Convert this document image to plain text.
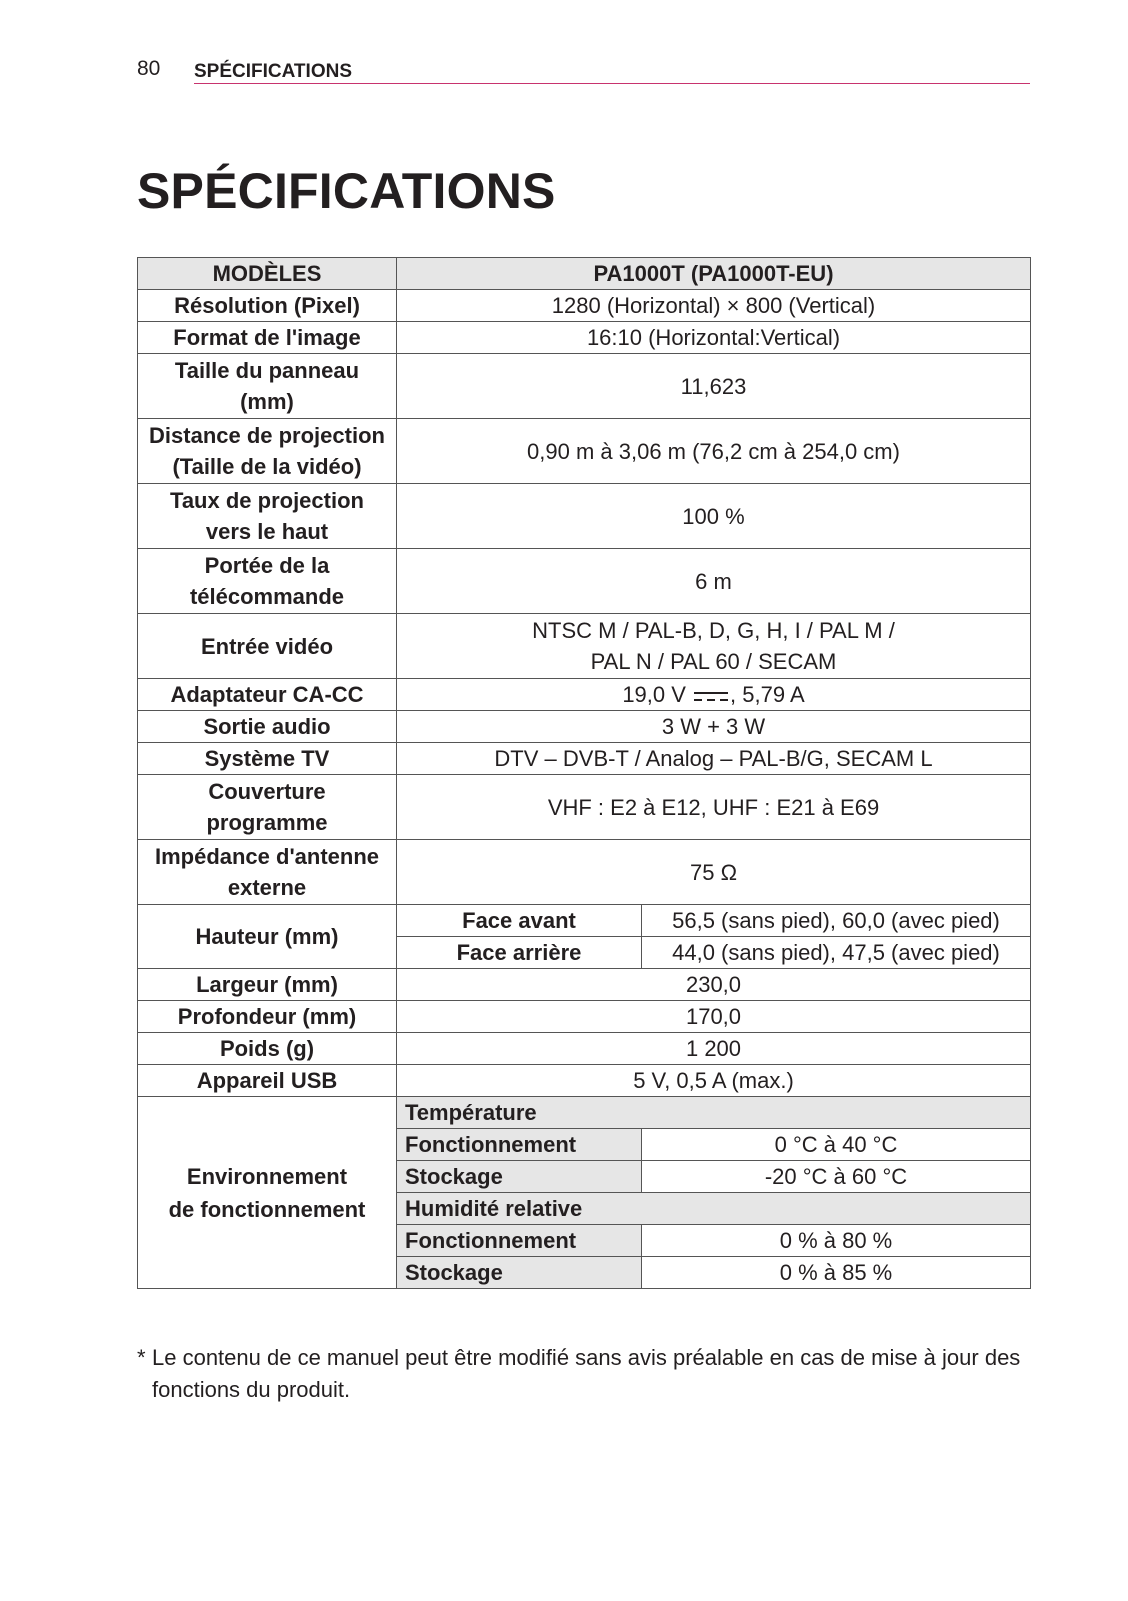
80 SPÉCIFICATIONS
SPÉCIFICATIONS
MODÈLES	PA1000T (PA1000T-EU)	
Résolution (Pixel)	1280 (Horizontal) × 800 (Vertical)	
Format de l'image	16:10 (Horizontal:Vertical)	
Taille du panneau
(mm)	11,623	
Distance de projection
(Taille de la vidéo)	0,90 m à 3,06 m (76,2 cm à 254,0 cm)	
Taux de projection
vers le haut	100 %	
Portée de la
télécommande	6 m	
Entrée vidéo	NTSC M / PAL-B, D, G, H, I / PAL M /
PAL N / PAL 60 / SECAM	
Adaptateur CA-CC	19,0 V , 5,79 A	
Sortie audio	3 W + 3 W	
Système TV	DTV – DVB-T / Analog – PAL-B/G, SECAM L	
Couverture
programme	VHF : E2 à E12, UHF : E21 à E69	
Impédance d'antenne
externe	75 Ω	
Hauteur (mm)	Face avant	56,5 (sans pied), 60,0 (avec pied)
	Face arrière	44,0 (sans pied), 47,5 (avec pied)
Largeur (mm)	230,0	
Profondeur (mm)	170,0	
Poids (g)	1 200	
Appareil USB	5 V, 0,5 A (max.)	
Environnement
de fonctionnement	Température	
	Fonctionnement	0 °C à 40 °C
	Stockage	-20 °C à 60 °C
	Humidité relative	
	Fonctionnement	0 % à 80 %
	Stockage	0 % à 85 %
* Le contenu de ce manuel peut être modifié sans avis préalable en cas de mise à jour des fonctions du produit.
